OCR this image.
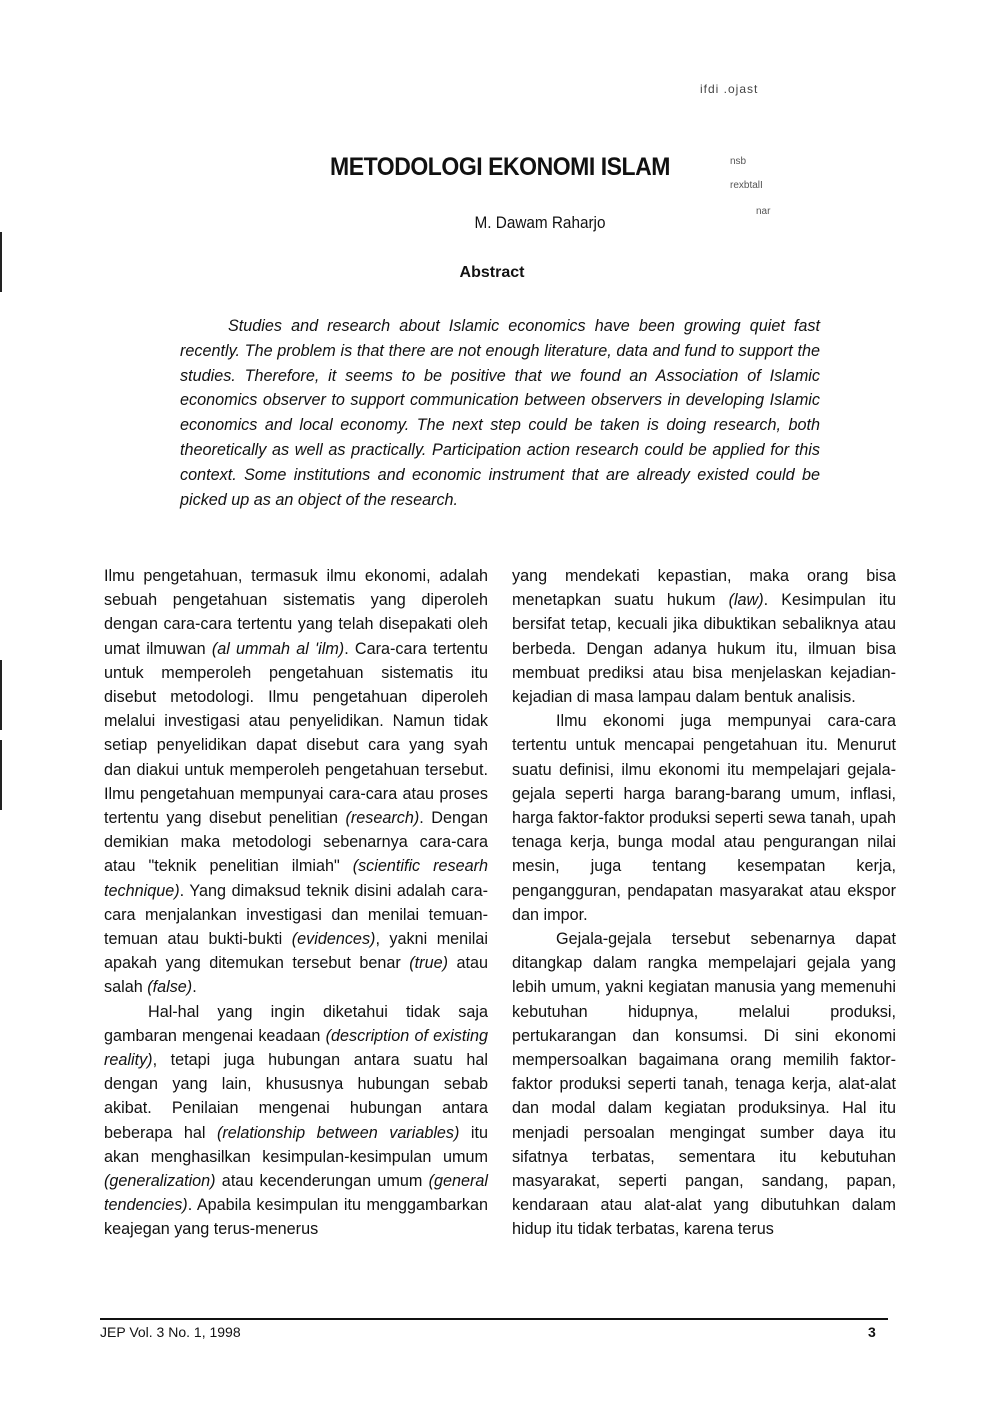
ifdi .ojast
nsb
rexbtalI
nar
METODOLOGI EKONOMI ISLAM
M. Dawam Raharjo
Abstract
Studies and research about Islamic economics have been growing quiet fast recently. The problem is that there are not enough literature, data and fund to support the studies. Therefore, it seems to be positive that we found an Association of Islamic economics observer to support communication between observers in developing Islamic economics and local economy. The next step could be taken is doing research, both theoretically as well as practically. Participation action research could be applied for this context. Some institutions and economic instrument that are already existed could be picked up as an object of the research.

Ilmu pengetahuan, termasuk ilmu ekonomi, adalah sebuah pengetahuan sistematis yang diperoleh dengan cara-cara tertentu yang telah disepakati oleh umat ilmuwan (al ummah al 'ilm). Cara-cara tertentu untuk memperoleh pengetahuan sistematis itu disebut metodologi. Ilmu pengetahuan diperoleh melalui investigasi atau penyelidikan. Namun tidak setiap penyelidikan dapat disebut cara yang syah dan diakui untuk memperoleh pengetahuan tersebut. Ilmu pengetahuan mempunyai cara-cara atau proses tertentu yang disebut penelitian (research). Dengan demikian maka metodologi sebenarnya cara-cara atau "teknik penelitian ilmiah" (scientific researh technique). Yang dimaksud teknik disini adalah cara-cara menjalankan investigasi dan menilai temuan-temuan atau bukti-bukti (evidences), yakni menilai apakah yang ditemukan tersebut benar (true) atau salah (false).

Hal-hal yang ingin diketahui tidak saja gambaran mengenai keadaan (description of existing reality), tetapi juga hubungan antara suatu hal dengan yang lain, khususnya hubungan sebab akibat. Penilaian mengenai hubungan antara beberapa hal (relationship between variables) itu akan menghasilkan kesimpulan-kesimpulan umum (generalization) atau kecenderungan umum (general tendencies). Apabila kesimpulan itu menggambarkan keajegan yang terus-menerus

yang mendekati kepastian, maka orang bisa menetapkan suatu hukum (law). Kesimpulan itu bersifat tetap, kecuali jika dibuktikan sebaliknya atau berbeda. Dengan adanya hukum itu, ilmuan bisa membuat prediksi atau bisa menjelaskan kejadian-kejadian di masa lampau dalam bentuk analisis.

Ilmu ekonomi juga mempunyai cara-cara tertentu untuk mencapai pengetahuan itu. Menurut suatu definisi, ilmu ekonomi itu mempelajari gejala-gejala seperti harga barang-barang umum, inflasi, harga faktor-faktor produksi seperti sewa tanah, upah tenaga kerja, bunga modal atau pengurangan nilai mesin, juga tentang kesempatan kerja, pengangguran, pendapatan masyarakat atau ekspor dan impor.

Gejala-gejala tersebut sebenarnya dapat ditangkap dalam rangka mempelajari gejala yang lebih umum, yakni kegiatan manusia yang memenuhi kebutuhan hidupnya, melalui produksi, pertukarangan dan konsumsi. Di sini ekonomi mempersoalkan bagaimana orang memilih faktor-faktor produksi seperti tanah, tenaga kerja, alat-alat dan modal dalam kegiatan produksinya. Hal itu menjadi persoalan mengingat sumber daya itu sifatnya terbatas, sementara itu kebutuhan masyarakat, seperti pangan, sandang, papan, kendaraan atau alat-alat yang dibutuhkan dalam hidup itu tidak terbatas, karena terus

JEP Vol. 3 No. 1, 1998	3
